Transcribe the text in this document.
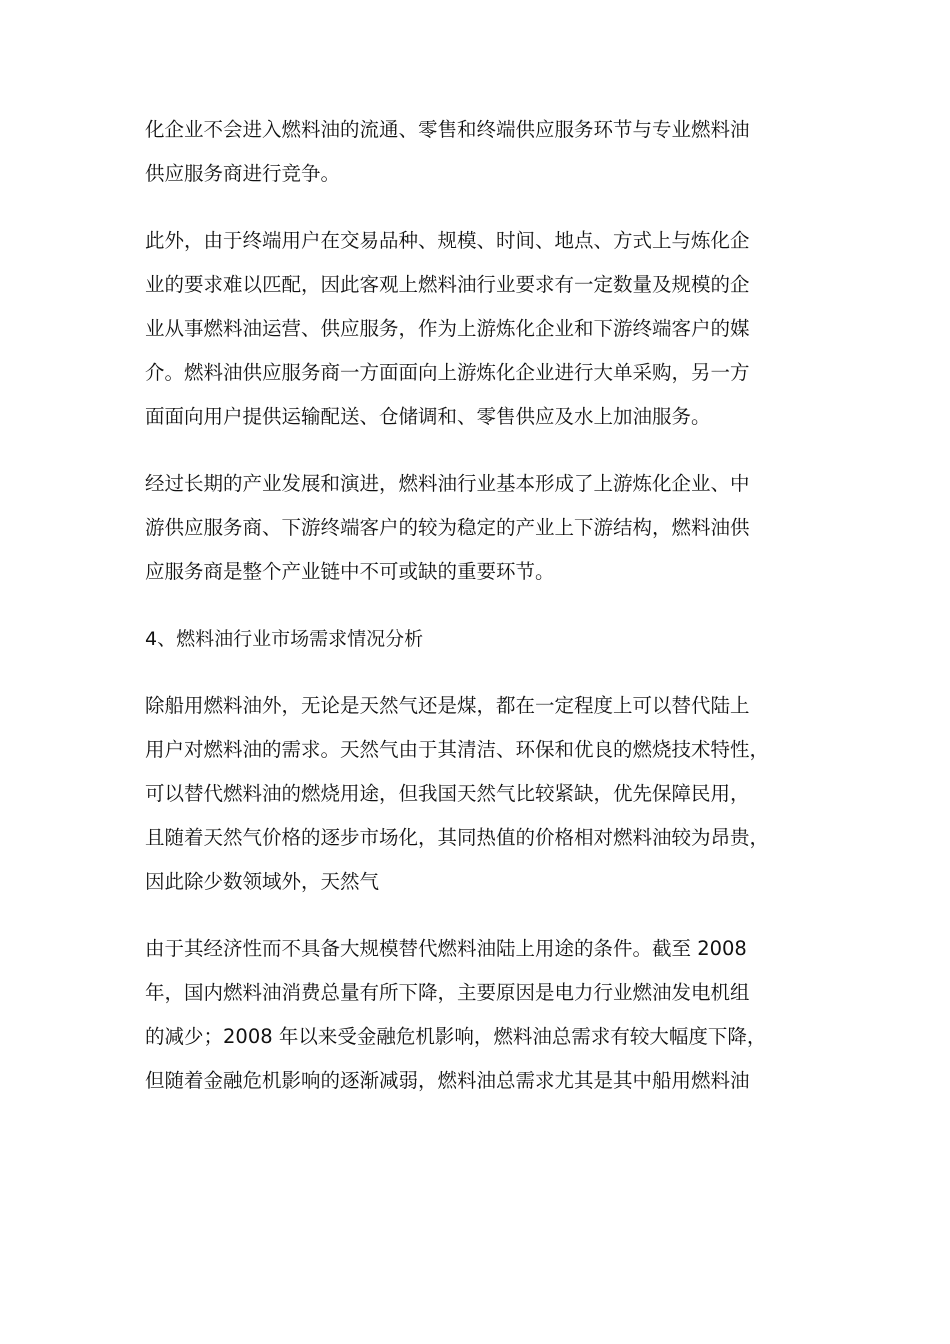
化企业不会进入燃料油的流通、零售和终端供应服务环节与专业燃料油
供应服务商进行竞争。
此外，由于终端用户在交易品种、规模、时间、地点、方式上与炼化企
业的要求难以匹配，因此客观上燃料油行业要求有一定数量及规模的企
业从事燃料油运营、供应服务，作为上游炼化企业和下游终端客户的媒
介。燃料油供应服务商一方面面向上游炼化企业进行大单采购，另一方
面面向用户提供运输配送、仓储调和、零售供应及水上加油服务。
经过长期的产业发展和演进，燃料油行业基本形成了上游炼化企业、中
游供应服务商、下游终端客户的较为稳定的产业上下游结构，燃料油供
应服务商是整个产业链中不可或缺的重要环节。
4、燃料油行业市场需求情况分析
除船用燃料油外，无论是天然气还是煤，都在一定程度上可以替代陆上
用户对燃料油的需求。天然气由于其清洁、环保和优良的燃烧技术特性，
可以替代燃料油的燃烧用途，但我国天然气比较紧缺，优先保障民用，
且随着天然气价格的逐步市场化，其同热值的价格相对燃料油较为昂贵，
因此除少数领域外，天然气
由于其经济性而不具备大规模替代燃料油陆上用途的条件。截至 2008
年，国内燃料油消费总量有所下降，主要原因是电力行业燃油发电机组
的减少；2008 年以来受金融危机影响，燃料油总需求有较大幅度下降，
但随着金融危机影响的逐渐减弱，燃料油总需求尤其是其中船用燃料油
